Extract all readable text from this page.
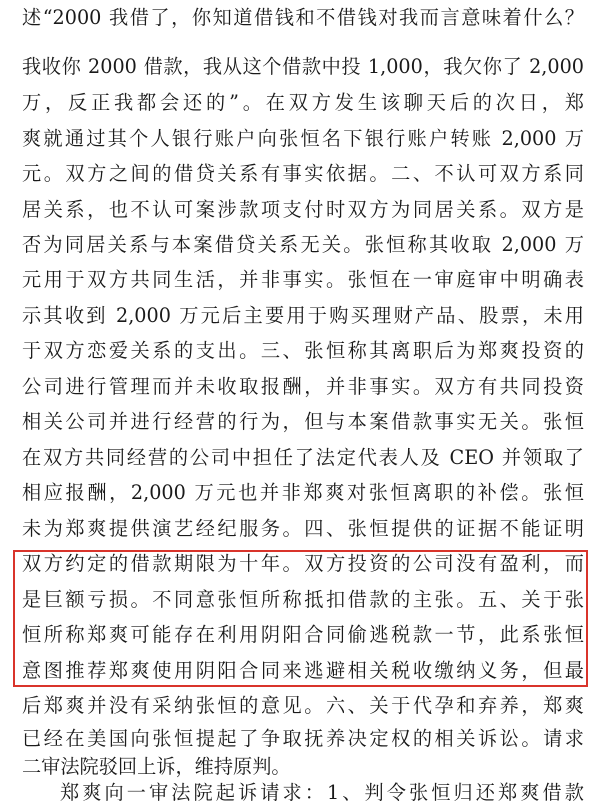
述“2000 我借了，你知道借钱和不借钱对我而言意味着什么？
我收你 2000 借款，我从这个借款中投 1,000，我欠你了 2,000
万，反正我都会还的”。在双方发生该聊天后的次日，郑
爽就通过其个人银行账户向张恒名下银行账户转账 2,000 万
元。双方之间的借贷关系有事实依据。二、不认可双方系同
居关系，也不认可案涉款项支付时双方为同居关系。双方是
否为同居关系与本案借贷关系无关。张恒称其收取 2,000 万
元用于双方共同生活，并非事实。张恒在一审庭审中明确表
示其收到 2,000 万元后主要用于购买理财产品、股票，未用
于双方恋爱关系的支出。三、张恒称其离职后为郑爽投资的
公司进行管理而并未收取报酬，并非事实。双方有共同投资
相关公司并进行经营的行为，但与本案借款事实无关。张恒
在双方共同经营的公司中担任了法定代表人及 CEO 并领取了
相应报酬，2,000 万元也并非郑爽对张恒离职的补偿。张恒
未为郑爽提供演艺经纪服务。四、张恒提供的证据不能证明
双方约定的借款期限为十年。双方投资的公司没有盈利，而
是巨额亏损。不同意张恒所称抵扣借款的主张。五、关于张
恒所称郑爽可能存在利用阴阳合同偷逃税款一节，此系张恒
意图推荐郑爽使用阴阳合同来逃避相关税收缴纳义务，但最
后郑爽并没有采纳张恒的意见。六、关于代孕和弃养，郑爽
已经在美国向张恒提起了争取抚养决定权的相关诉讼。请求
二审法院驳回上诉，维持原判。
郑爽向一审法院起诉请求：1、判令张恒归还郑爽借款
